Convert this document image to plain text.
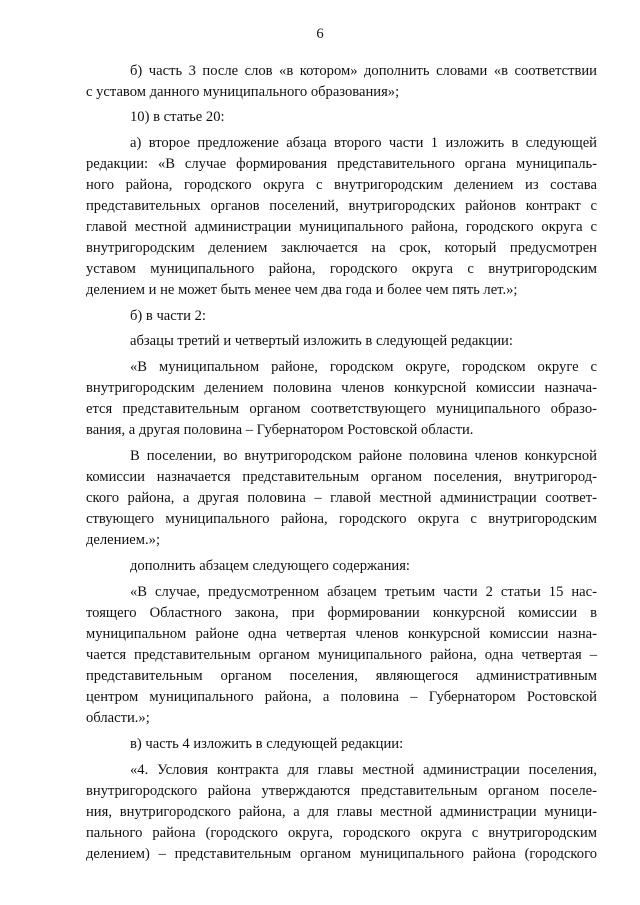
6
б) часть 3 после слов «в котором» дополнить словами «в соответствии
с уставом данного муниципального образования»;
10) в статье 20:
а) второе предложение абзаца второго части 1 изложить в следующей
редакции: «В случае формирования представительного органа муниципаль-
ного района, городского округа с внутригородским делением из состава
представительных органов поселений, внутригородских районов контракт с
главой местной администрации муниципального района, городского округа с
внутригородским делением заключается на срок, который предусмотрен
уставом муниципального района, городского округа с внутригородским
делением и не может быть менее чем два года и более чем пять лет.»;
б) в части 2:
абзацы третий и четвертый изложить в следующей редакции:
«В муниципальном районе, городском округе, городском округе с
внутригородским делением половина членов конкурсной комиссии назнача-
ется представительным органом соответствующего муниципального образо-
вания, а другая половина – Губернатором Ростовской области.
В поселении, во внутригородском районе половина членов конкурсной
комиссии назначается представительным органом поселения, внутригород-
ского района, а другая половина – главой местной администрации соответ-
ствующего муниципального района, городского округа с внутригородским
делением.»;
дополнить абзацем следующего содержания:
«В случае, предусмотренном абзацем третьим части 2 статьи 15 нас-
тоящего Областного закона, при формировании конкурсной комиссии в
муниципальном районе одна четвертая членов конкурсной комиссии назна-
чается представительным органом муниципального района, одна четвертая –
представительным органом поселения, являющегося административным
центром муниципального района, а половина – Губернатором Ростовской
области.»;
в) часть 4 изложить в следующей редакции:
«4. Условия контракта для главы местной администрации поселения,
внутригородского района утверждаются представительным органом поселе-
ния, внутригородского района, а для главы местной администрации муници-
пального района (городского округа, городского округа с внутригородским
делением) – представительным органом муниципального района (городского
